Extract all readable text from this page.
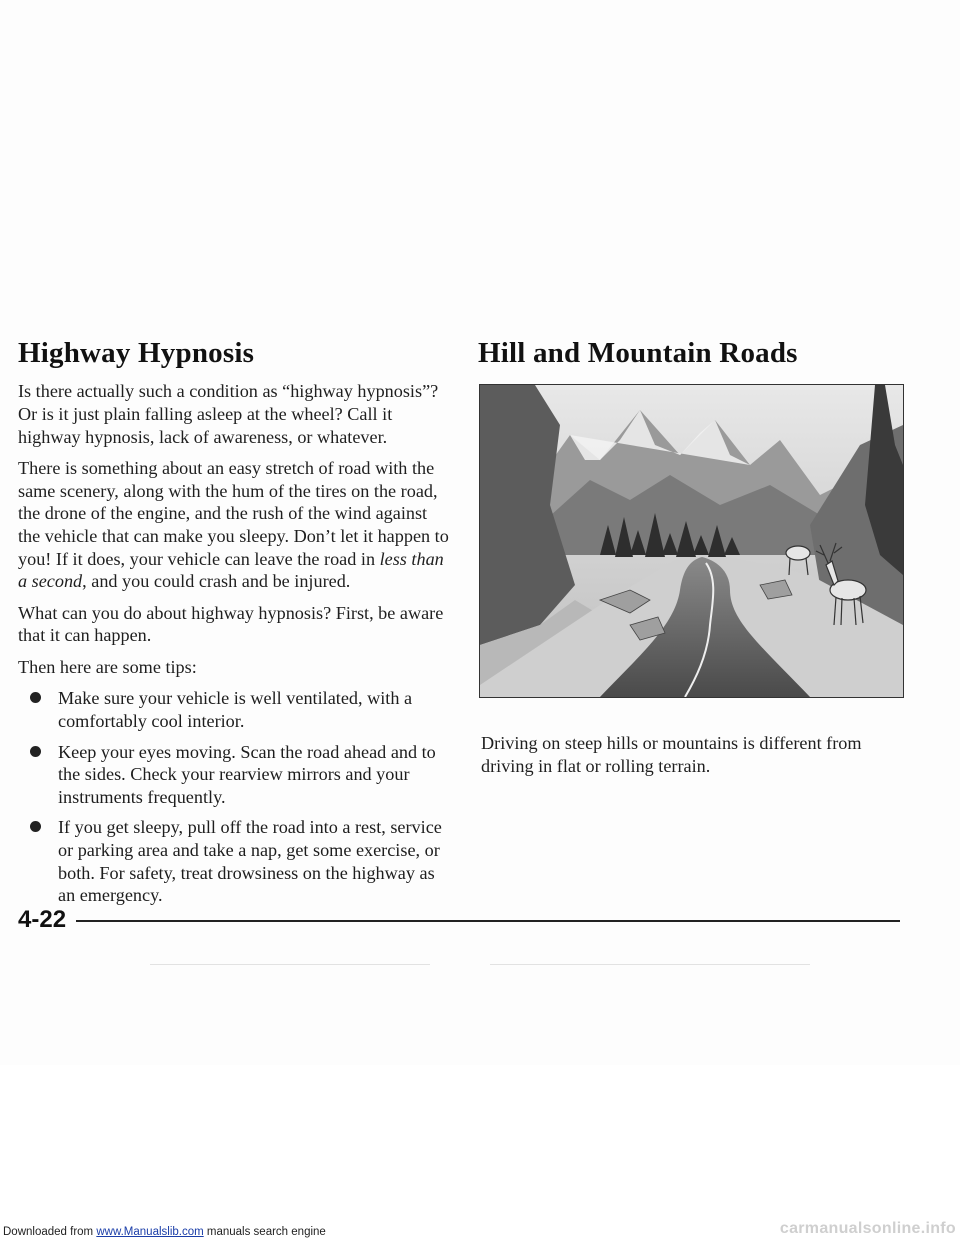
Highway Hypnosis

Is there actually such a condition as “highway hypnosis”? Or is it just plain falling asleep at the wheel? Call it highway hypnosis, lack of awareness, or whatever.

There is something about an easy stretch of road with the same scenery, along with the hum of the tires on the road, the drone of the engine, and the rush of the wind against the vehicle that can make you sleepy. Don’t let it happen to you! If it does, your vehicle can leave the road in less than a second, and you could crash and be injured.

What can you do about highway hypnosis? First, be aware that it can happen.

Then here are some tips:

Make sure your vehicle is well ventilated, with a comfortably cool interior.
Keep your eyes moving. Scan the road ahead and to the sides. Check your rearview mirrors and your instruments frequently.
If you get sleepy, pull off the road into a rest, service or parking area and take a nap, get some exercise, or both. For safety, treat drowsiness on the highway as an emergency.
Hill and Mountain Roads

Driving on steep hills or mountains is different from driving in flat or rolling terrain.

4-22
Downloaded from www.Manualslib.com manuals search engine	carmanualsonline.info
